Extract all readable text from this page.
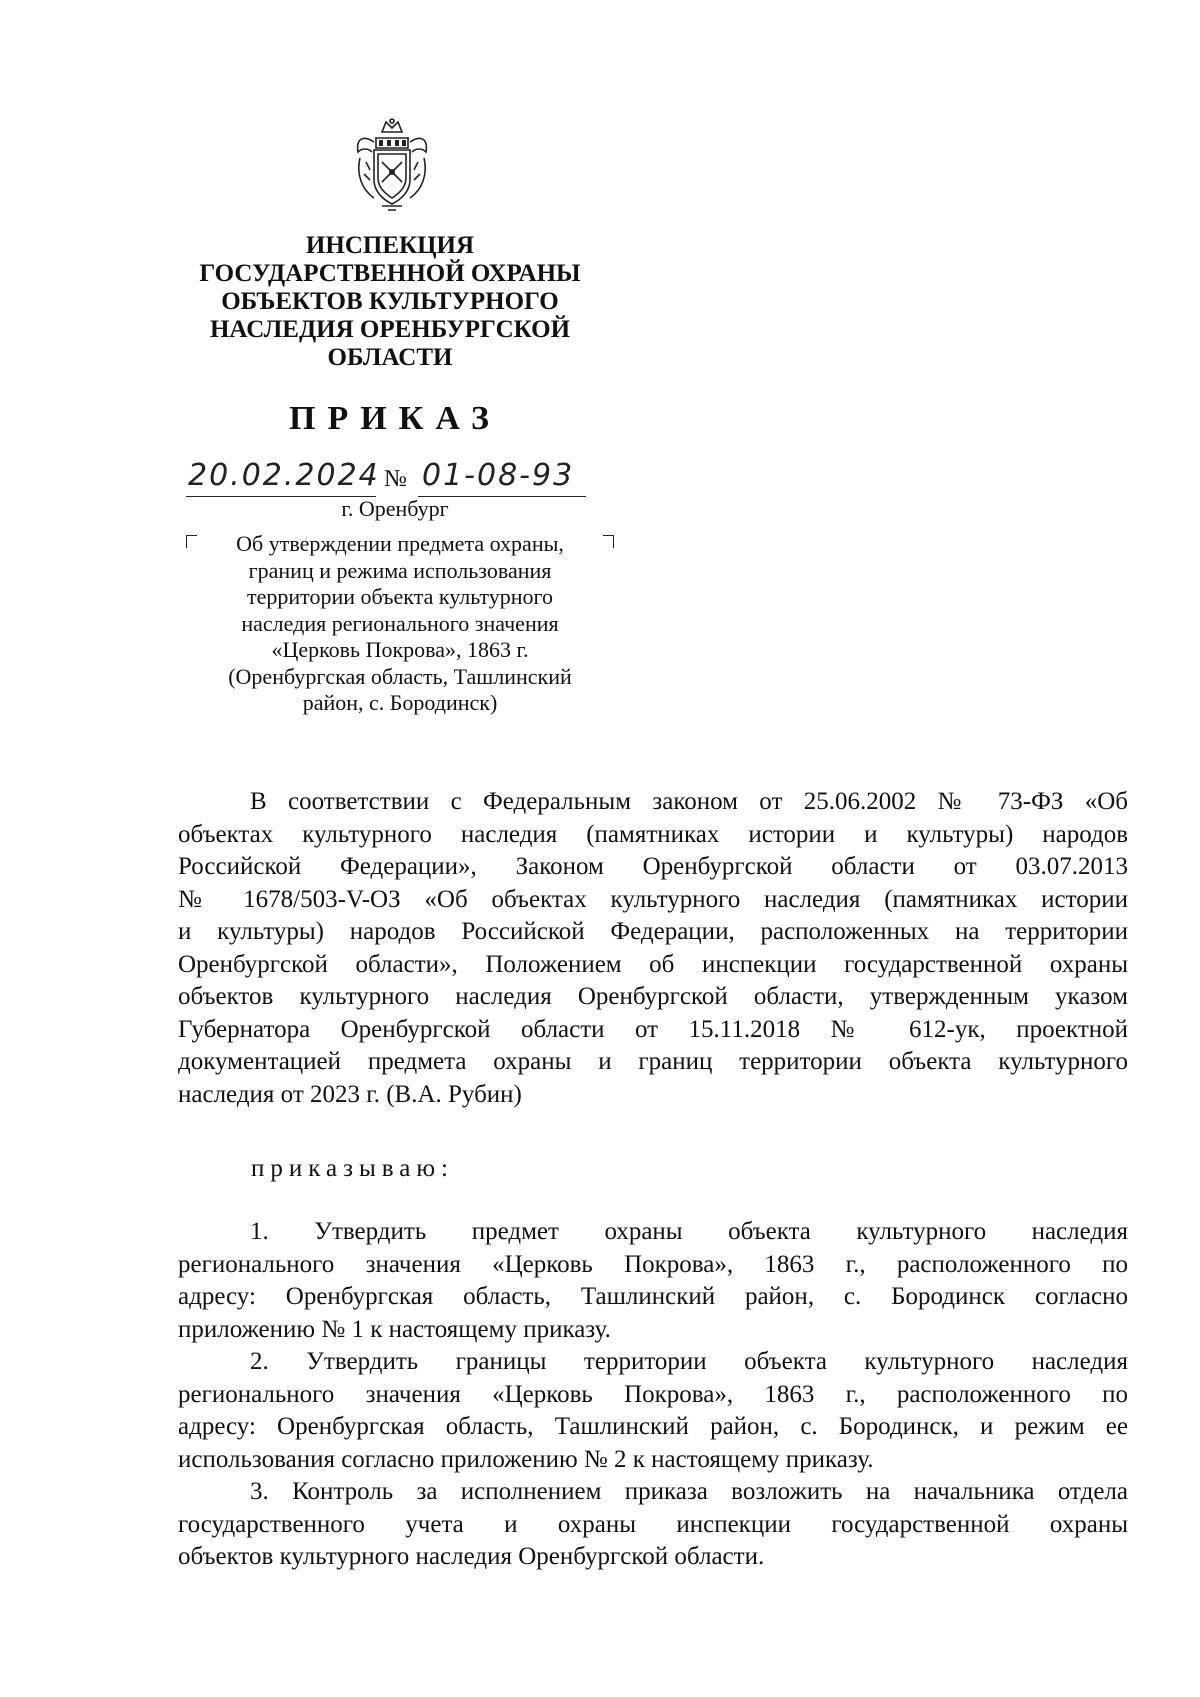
ИНСПЕКЦИЯ
ГОСУДАРСТВЕННОЙ ОХРАНЫ
ОБЪЕКТОВ КУЛЬТУРНОГО
НАСЛЕДИЯ ОРЕНБУРГСКОЙ
ОБЛАСТИ
ПРИКАЗ
20.02.2024 № 01-08-93
г. Оренбург
Об утверждении предмета охраны,
границ и режима использования
территории объекта культурного
наследия регионального значения
«Церковь Покрова», 1863 г.
(Оренбургская область, Ташлинский
район, с. Бородинск)
В соответствии с Федеральным законом от 25.06.2002 № 73-ФЗ «Об
объектах культурного наследия (памятниках истории и культуры) народов
Российской Федерации», Законом Оренбургской области от 03.07.2013
№ 1678/503-V-ОЗ «Об объектах культурного наследия (памятниках истории
и культуры) народов Российской Федерации, расположенных на территории
Оренбургской области», Положением об инспекции государственной охраны
объектов культурного наследия Оренбургской области, утвержденным указом
Губернатора Оренбургской области от 15.11.2018 № 612-ук, проектной
документацией предмета охраны и границ территории объекта культурного
наследия от 2023 г. (В.А. Рубин)
приказываю:
1. Утвердить предмет охраны объекта культурного наследия
регионального значения «Церковь Покрова», 1863 г., расположенного по
адресу: Оренбургская область, Ташлинский район, с. Бородинск согласно
приложению № 1 к настоящему приказу.
2. Утвердить границы территории объекта культурного наследия
регионального значения «Церковь Покрова», 1863 г., расположенного по
адресу: Оренбургская область, Ташлинский район, с. Бородинск, и режим ее
использования согласно приложению № 2 к настоящему приказу.
3. Контроль за исполнением приказа возложить на начальника отдела
государственного учета и охраны инспекции государственной охраны
объектов культурного наследия Оренбургской области.
